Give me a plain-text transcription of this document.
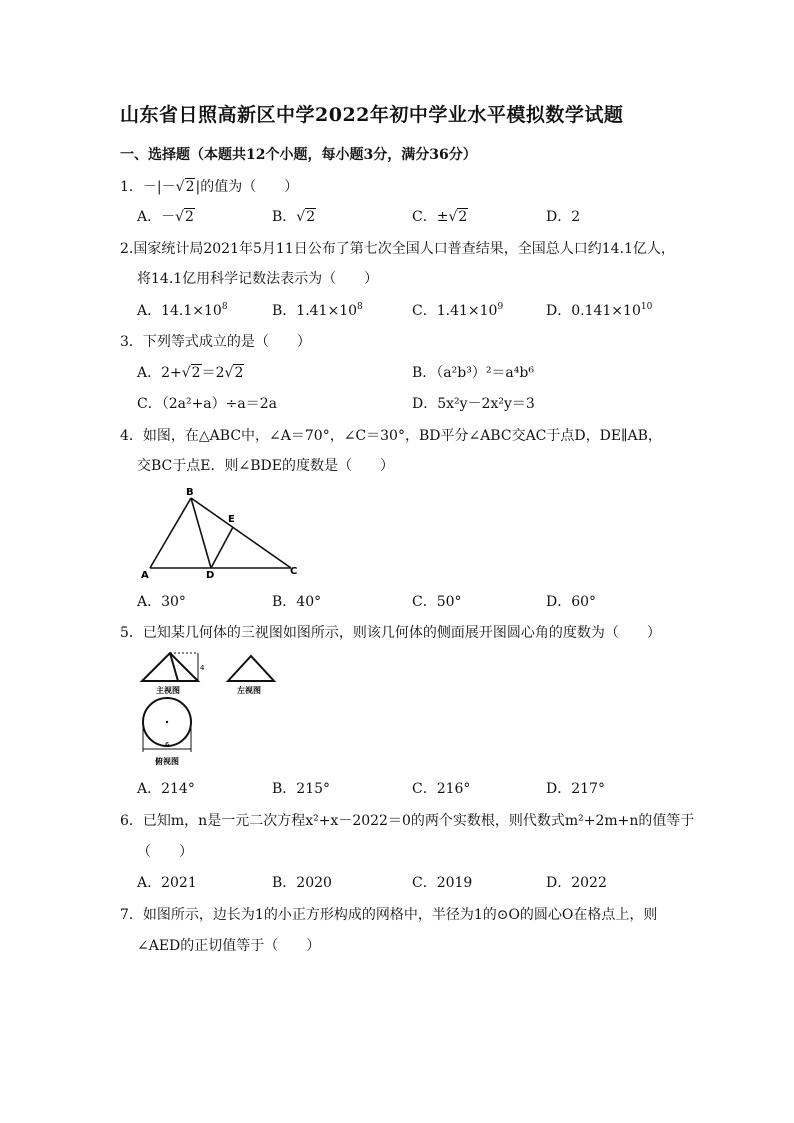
山东省日照高新区中学2022年初中学业水平模拟数学试题
一、选择题（本题共12个小题，每小题3分，满分36分）
1．－|－√2|的值为（　　）
A．－√2	B．√2	C．±√2	D．2
2.国家统计局2021年5月11日公布了第七次全国人口普查结果，全国总人口约14.1亿人，
将14.1亿用科学记数法表示为（　　）
A．$14.1\times 10^8$	B．$1.41\times 10^8$	C．$1.41\times 10^9$	D．$0.141\times 10^{10}$
3．下列等式成立的是（　　）
A．2+√2＝2√2	B．（a²b³）²＝a⁴b⁶
C．（2a²+a）÷a＝2a	D．5x²y－2x²y＝3
4．如图，在△ABC中，∠A＝70°，∠C＝30°，BD平分∠ABC交AC于点D，DE∥AB，
交BC于点E．则∠BDE的度数是（　　）
B
E
A	D	C
A．30°	B．40°	C．50°	D．60°
5．已知某几何体的三视图如图所示，则该几何体的侧面展开图圆心角的度数为（　　）
4
主视图	左视图
6
俯视图
A．214°	B．215°	C．216°	D．217°
6．已知m，n是一元二次方程x²+x－2022＝0的两个实数根，则代数式m²+2m+n的值等于
（　　）
A．2021	B．2020	C．2019	D．2022
7．如图所示，边长为1的小正方形构成的网格中，半径为1的⊙O的圆心O在格点上，则
∠AED的正切值等于（　　）
